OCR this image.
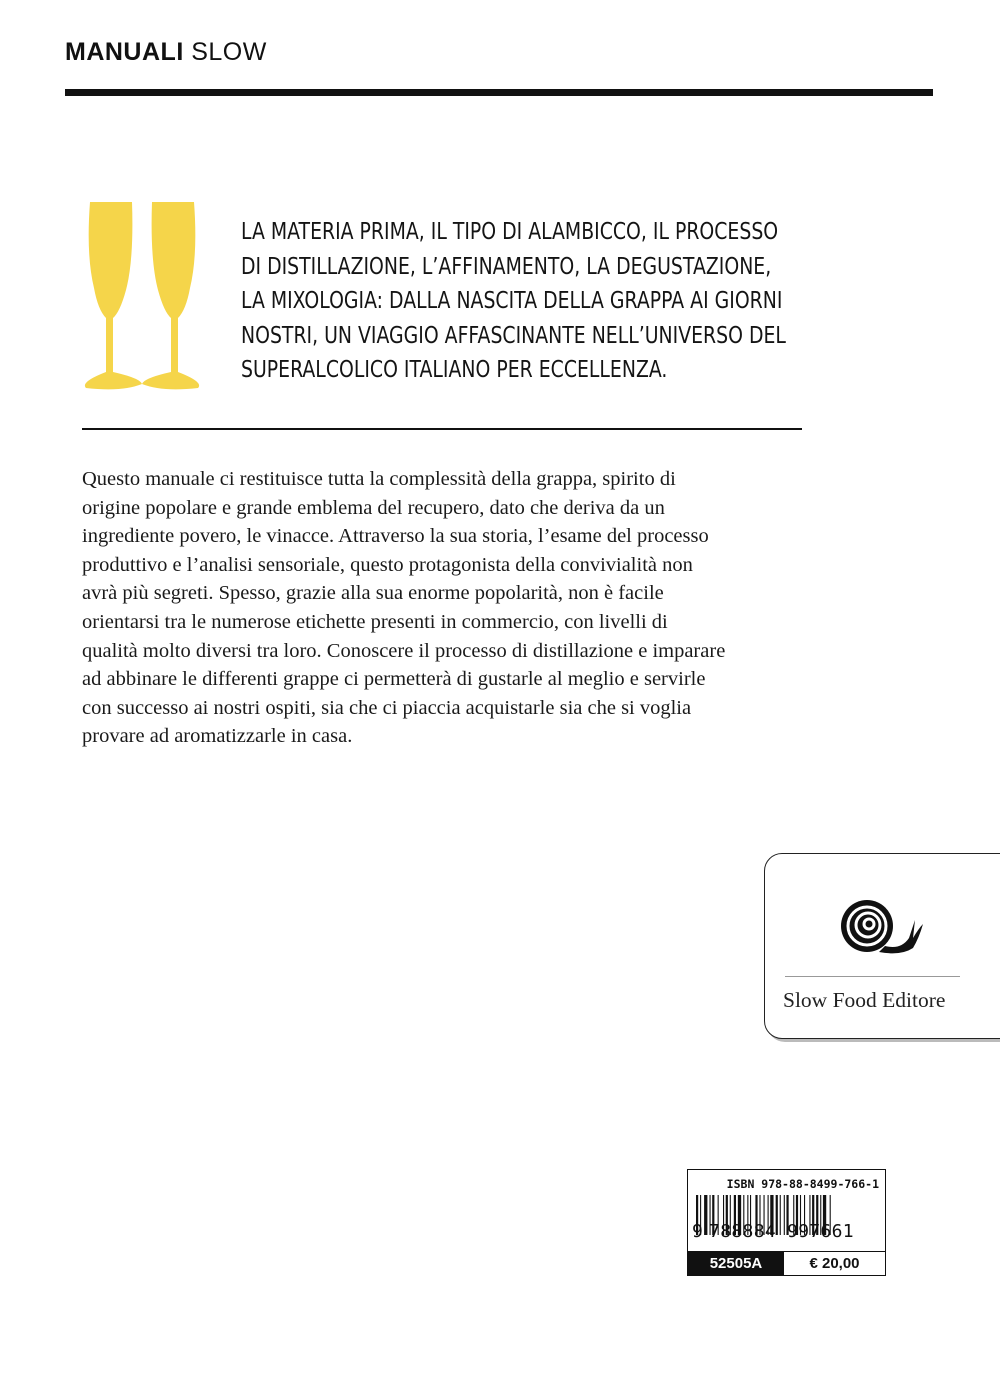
MANUALI SLOW
LA MATERIA PRIMA, IL TIPO DI ALAMBICCO, IL PROCESSO
DI DISTILLAZIONE, L’AFFINAMENTO, LA DEGUSTAZIONE,
LA MIXOLOGIA: DALLA NASCITA DELLA GRAPPA AI GIORNI
NOSTRI, UN VIAGGIO AFFASCINANTE NELL’UNIVERSO DEL
SUPERALCOLICO ITALIANO PER ECCELLENZA.
Questo manuale ci restituisce tutta la complessità della grappa, spirito di
origine popolare e grande emblema del recupero, dato che deriva da un
ingrediente povero, le vinacce. Attraverso la sua storia, l’esame del processo
produttivo e l’analisi sensoriale, questo protagonista della convivialità non
avrà più segreti. Spesso, grazie alla sua enorme popolarità, non è facile
orientarsi tra le numerose etichette presenti in commercio, con livelli di
qualità molto diversi tra loro. Conoscere il processo di distillazione e imparare
ad abbinare le differenti grappe ci permetterà di gustarle al meglio e servirle
con successo ai nostri ospiti, sia che ci piaccia acquistarle sia che si voglia
provare ad aromatizzarle in casa.
Slow Food Editore
ISBN 978-88-8499-766-1
9 788884 997661
52505A	€ 20,00
